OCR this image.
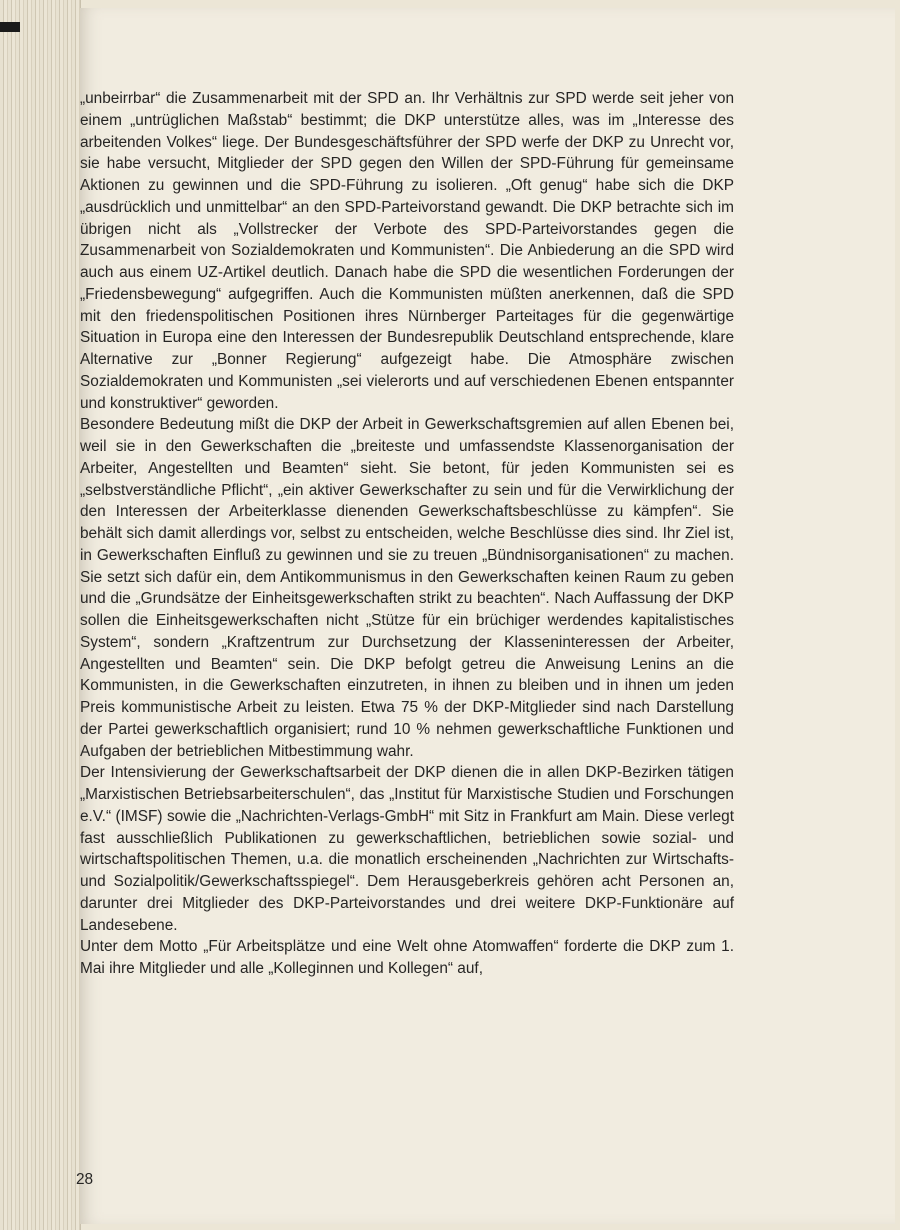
„unbeirrbar“ die Zusammenarbeit mit der SPD an. Ihr Verhältnis zur SPD werde seit jeher von einem „untrüglichen Maßstab“ bestimmt; die DKP unterstütze alles, was im „Interesse des arbeitenden Volkes“ liege. Der Bundesgeschäftsführer der SPD werfe der DKP zu Unrecht vor, sie habe versucht, Mitglieder der SPD gegen den Willen der SPD-Führung für gemeinsame Aktionen zu gewinnen und die SPD-Führung zu isolieren. „Oft genug“ habe sich die DKP „ausdrücklich und unmittelbar“ an den SPD-Parteivorstand gewandt. Die DKP betrachte sich im übrigen nicht als „Vollstrecker der Verbote des SPD-Parteivorstandes gegen die Zusammenarbeit von Sozialdemokraten und Kommunisten“. Die Anbiederung an die SPD wird auch aus einem UZ-Artikel deutlich. Danach habe die SPD die wesentlichen Forderungen der „Friedensbewegung“ aufgegriffen. Auch die Kommunisten müßten anerkennen, daß die SPD mit den friedenspolitischen Positionen ihres Nürnberger Parteitages für die gegenwärtige Situation in Europa eine den Interessen der Bundesrepublik Deutschland entsprechende, klare Alternative zur „Bonner Regierung“ aufgezeigt habe. Die Atmosphäre zwischen Sozialdemokraten und Kommunisten „sei vielerorts und auf verschiedenen Ebenen entspannter und konstruktiver“ geworden.

Besondere Bedeutung mißt die DKP der Arbeit in Gewerkschaftsgremien auf allen Ebenen bei, weil sie in den Gewerkschaften die „breiteste und umfassendste Klassenorganisation der Arbeiter, Angestellten und Beamten“ sieht. Sie betont, für jeden Kommunisten sei es „selbstverständliche Pflicht“, „ein aktiver Gewerkschafter zu sein und für die Verwirklichung der den Interessen der Arbeiterklasse dienenden Gewerkschaftsbeschlüsse zu kämpfen“. Sie behält sich damit allerdings vor, selbst zu entscheiden, welche Beschlüsse dies sind. Ihr Ziel ist, in Gewerkschaften Einfluß zu gewinnen und sie zu treuen „Bündnisorganisationen“ zu machen. Sie setzt sich dafür ein, dem Antikommunismus in den Gewerkschaften keinen Raum zu geben und die „Grundsätze der Einheitsgewerkschaften strikt zu beachten“. Nach Auffassung der DKP sollen die Einheitsgewerkschaften nicht „Stütze für ein brüchiger werdendes kapitalistisches System“, sondern „Kraftzentrum zur Durchsetzung der Klasseninteressen der Arbeiter, Angestellten und Beamten“ sein. Die DKP befolgt getreu die Anweisung Lenins an die Kommunisten, in die Gewerkschaften einzutreten, in ihnen zu bleiben und in ihnen um jeden Preis kommunistische Arbeit zu leisten. Etwa 75 % der DKP-Mitglieder sind nach Darstellung der Partei gewerkschaftlich organisiert; rund 10 % nehmen gewerkschaftliche Funktionen und Aufgaben der betrieblichen Mitbestimmung wahr.

Der Intensivierung der Gewerkschaftsarbeit der DKP dienen die in allen DKP-Bezirken tätigen „Marxistischen Betriebsarbeiterschulen“, das „Institut für Marxistische Studien und Forschungen e.V.“ (IMSF) sowie die „Nachrichten-Verlags-GmbH“ mit Sitz in Frankfurt am Main. Diese verlegt fast ausschließlich Publikationen zu gewerkschaftlichen, betrieblichen sowie sozial- und wirtschaftspolitischen Themen, u.a. die monatlich erscheinenden „Nachrichten zur Wirtschafts- und Sozialpolitik/Gewerkschaftsspiegel“. Dem Herausgeberkreis gehören acht Personen an, darunter drei Mitglieder des DKP-Parteivorstandes und drei weitere DKP-Funktionäre auf Landesebene.

Unter dem Motto „Für Arbeitsplätze und eine Welt ohne Atomwaffen“ forderte die DKP zum 1. Mai ihre Mitglieder und alle „Kolleginnen und Kollegen“ auf,

28
